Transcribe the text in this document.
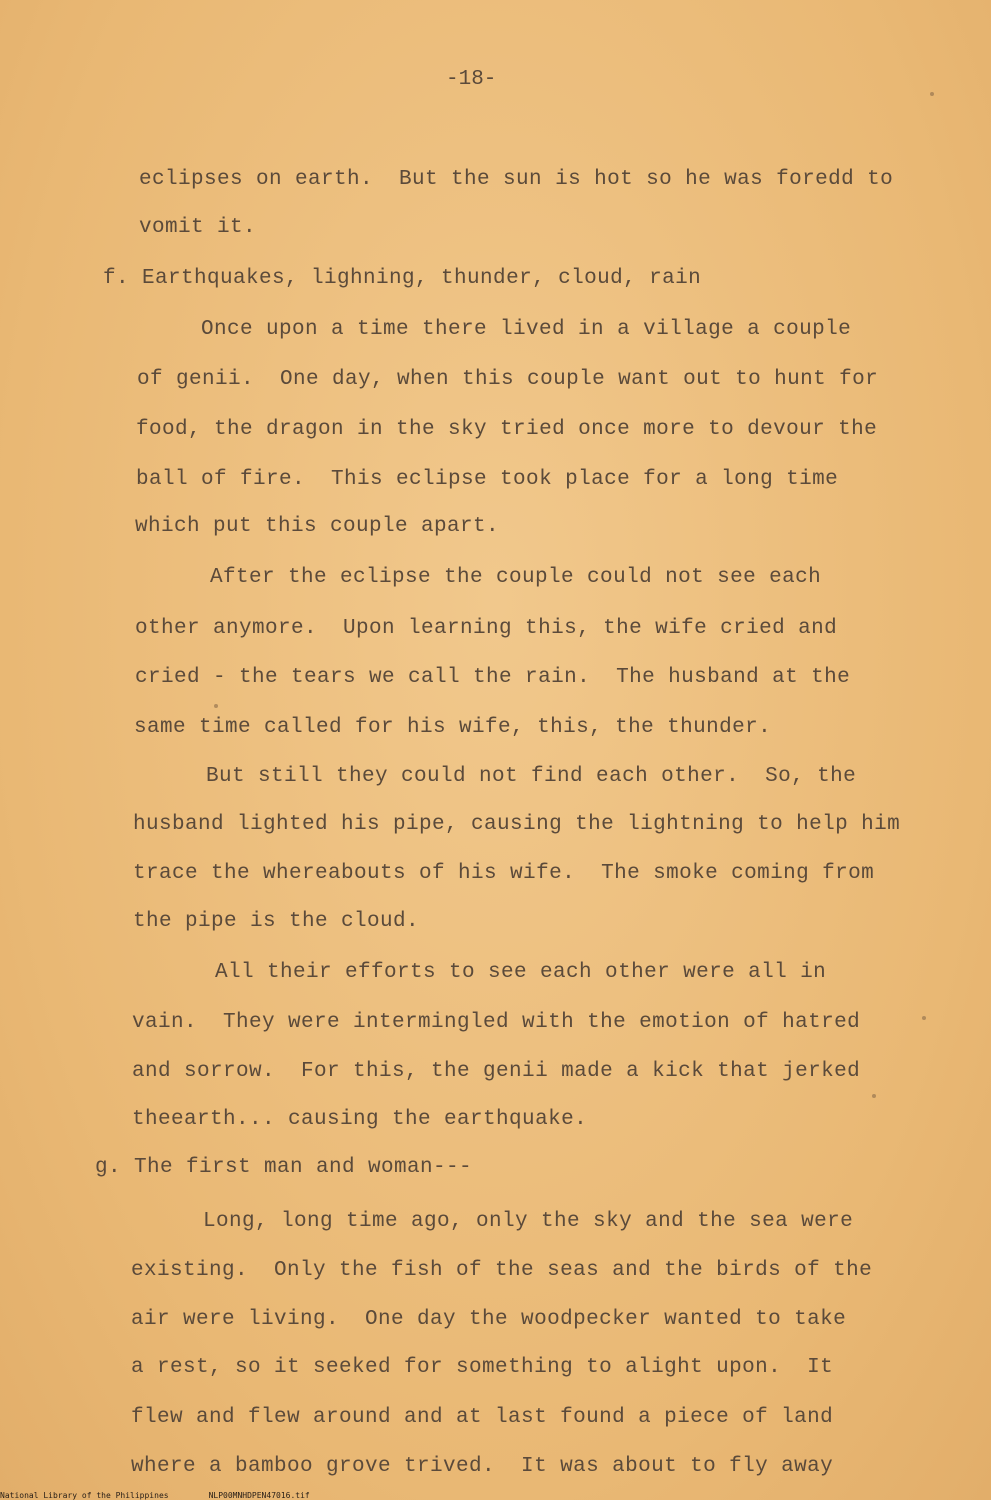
-18-
eclipses on earth.  But the sun is hot so he was foredd to
vomit it.
f. Earthquakes, lighning, thunder, cloud, rain
Once upon a time there lived in a village a couple
of genii.  One day, when this couple want out to hunt for
food, the dragon in the sky tried once more to devour the
ball of fire.  This eclipse took place for a long time
which put this couple apart.
After the eclipse the couple could not see each
other anymore.  Upon learning this, the wife cried and
cried - the tears we call the rain.  The husband at the
same time called for his wife, this, the thunder.
But still they could not find each other.  So, the
husband lighted his pipe, causing the lightning to help him
trace the whereabouts of his wife.  The smoke coming from
the pipe is the cloud.
All their efforts to see each other were all in
vain.  They were intermingled with the emotion of hatred
and sorrow.  For this, the genii made a kick that jerked
theearth... causing the earthquake.
g. The first man and woman---
Long, long time ago, only the sky and the sea were
existing.  Only the fish of the seas and the birds of the
air were living.  One day the woodpecker wanted to take
a rest, so it seeked for something to alight upon.  It
flew and flew around and at last found a piece of land
where a bamboo grove trived.  It was about to fly away
National Library of the Philippines	NLP00MNHDPEN47016.tif
